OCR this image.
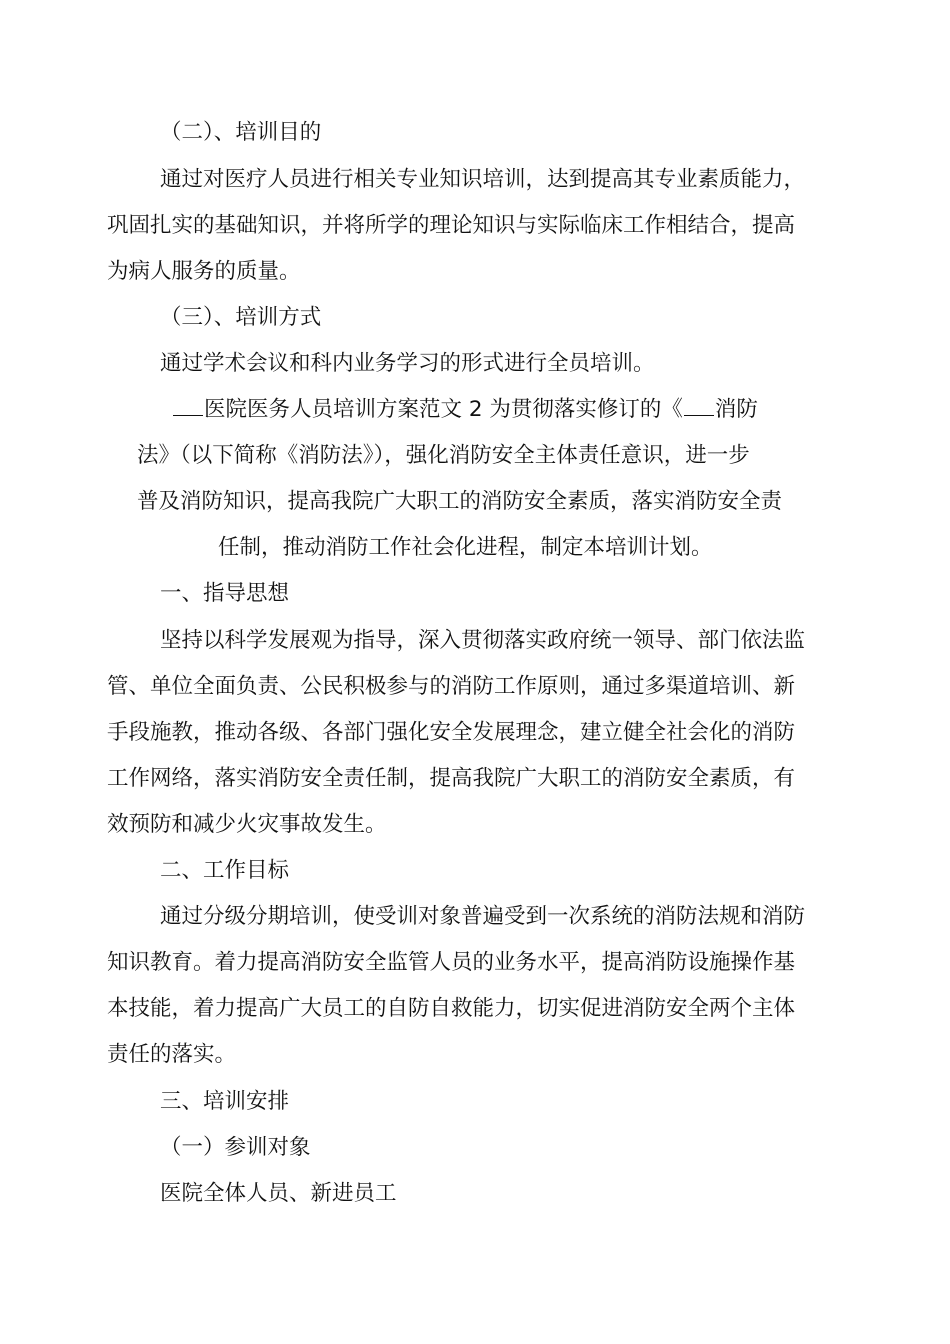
（二）、培训目的

通过对医疗人员进行相关专业知识培训，达到提高其专业素质能力，

巩固扎实的基础知识，并将所学的理论知识与实际临床工作相结合，提高

为病人服务的质量。

（三）、培训方式

通过学术会议和科内业务学习的形式进行全员培训。

医院医务人员培训方案范文 2 为贯彻落实修订的《 消防

法》（以下简称《消防法》），强化消防安全主体责任意识，进一步

普及消防知识，提高我院广大职工的消防安全素质，落实消防安全责

任制，推动消防工作社会化进程，制定本培训计划。

一、指导思想

坚持以科学发展观为指导，深入贯彻落实政府统一领导、部门依法监

管、单位全面负责、公民积极参与的消防工作原则，通过多渠道培训、新

手段施教，推动各级、各部门强化安全发展理念，建立健全社会化的消防

工作网络，落实消防安全责任制，提高我院广大职工的消防安全素质，有

效预防和减少火灾事故发生。

二、工作目标

通过分级分期培训，使受训对象普遍受到一次系统的消防法规和消防

知识教育。着力提高消防安全监管人员的业务水平，提高消防设施操作基

本技能，着力提高广大员工的自防自救能力，切实促进消防安全两个主体

责任的落实。

三、培训安排

（一）参训对象

医院全体人员、新进员工
